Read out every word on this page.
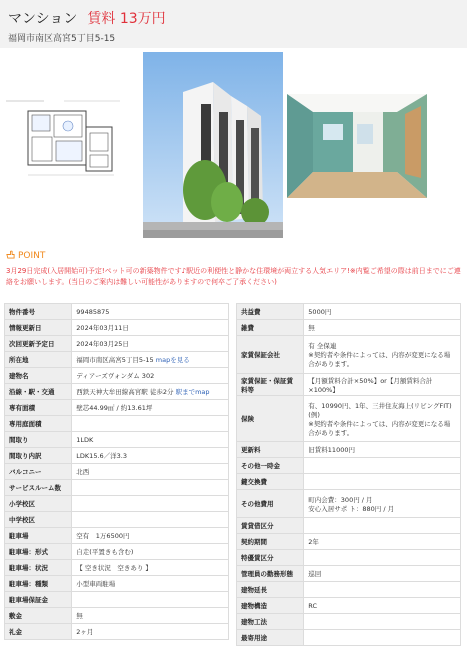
マンション 賃料 13万円
福岡市南区高宮5丁目5-15
POINT
3月29日完成(入居開始可)予定!ペット可の新築物件です♪駅近の利便性と静かな住環境が両立する人気エリア!※内覧ご希望の際は前日までにご連絡をお願いします。(当日のご案内は難しい可能性がありますので何卒ご了承ください)
物件番号	99485875
情報更新日	2024年03月11日
次回更新予定日	2024年03月25日
所在地	福岡市南区高宮5丁目5-15 mapを見る
建物名	ディアーズヴォンダム 302
沿線・駅・交通	西鉄天神大牟田線高宮駅 徒歩2分 駅までmap
専有面積	壁芯44.99㎡ / 約13.61坪
専用庭面積	
間取り	1LDK
間取り内訳	LDK15.6／洋3.3
バルコニー	北西
サービスルーム数	
小学校区	
中学校区	
駐車場	空有　1万6500円
駐車場：形式	自走(平置きも含む)
駐車場：状況	【 空き状況　空きあり 】
駐車場：種類	小型車両駐場
駐車場保証金	
敷金	無
礼金	2ヶ月
共益費	5000円
雑費	無
家賃保証会社	有 全保連
※契約者や条件によっては、内容が変更になる場合があります。
家賃保証・保証賃料等	【月額賃料合計×50%】or【月額賃料合計×100%】
保険	有、10990円、1年、三井住友海上(リビングFIT)(例)
※契約者や条件によっては、内容が変更になる場合があります。
更新料	旧賃料11000円
その他一時金	
鍵交換費	
その他費用	町内会費：300円 / 月
安心入居サポ ト：880円 / 月
賃貸借区分	
契約期間	2年
特優賃区分	
管理員の勤務形態	巡回
建物延長	
建物構造	RC
建物工法	
最寄用途	
